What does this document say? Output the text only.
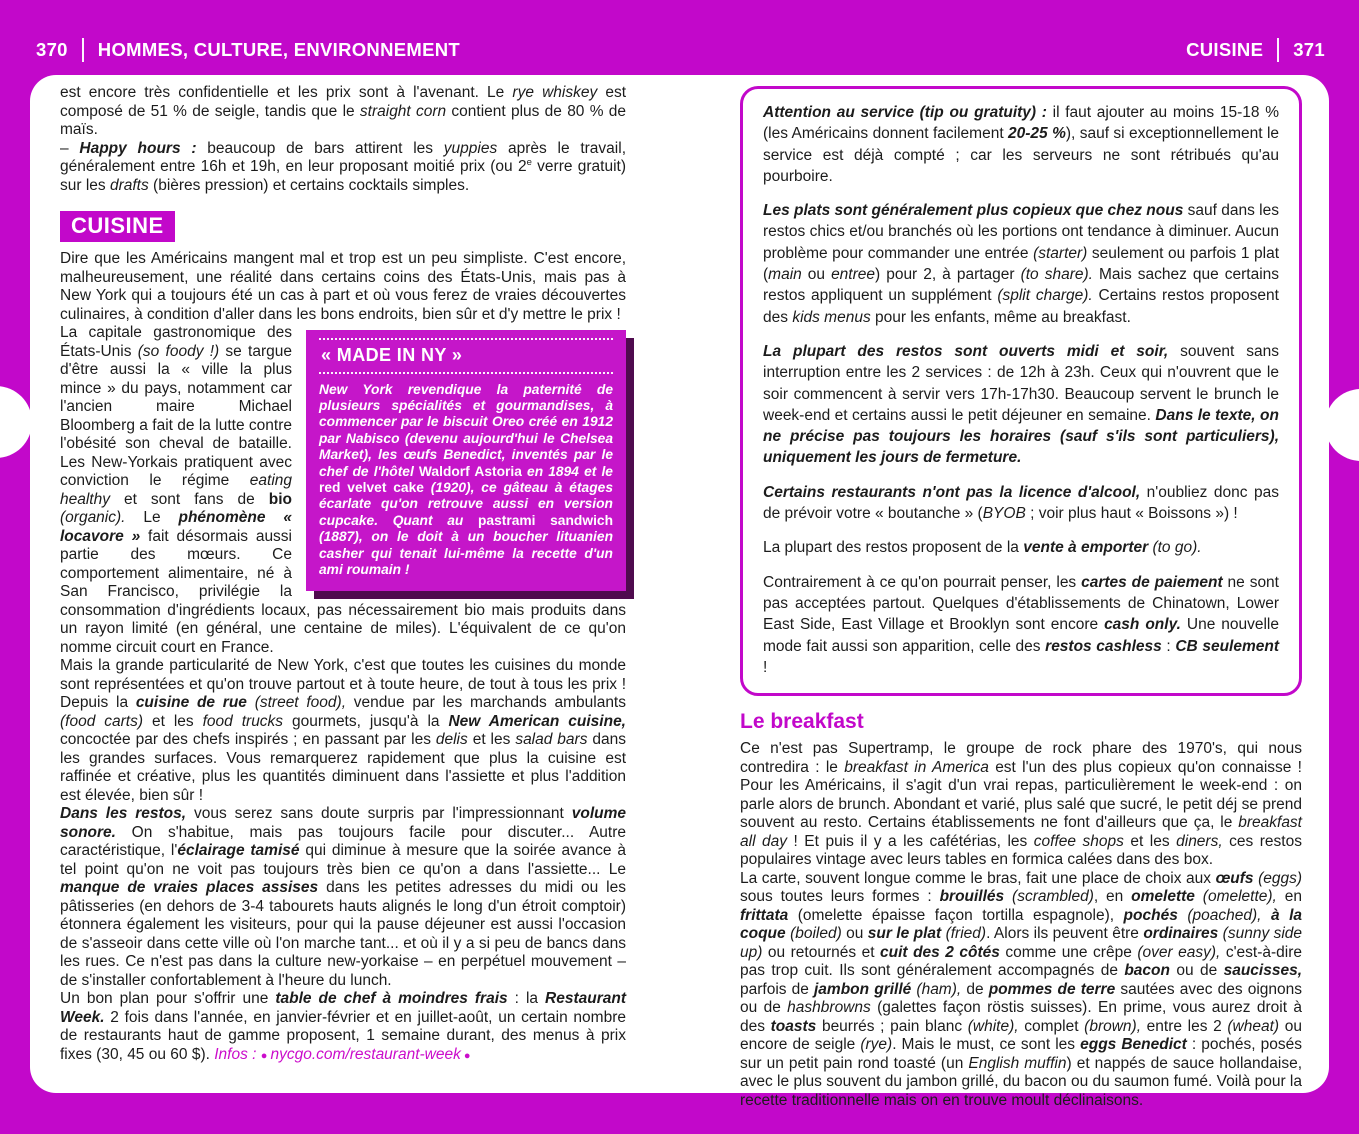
370 HOMMES, CULTURE, ENVIRONNEMENT	CUISINE 371

est encore très confidentielle et les prix sont à l'avenant. Le rye whiskey est composé de 51 % de seigle, tandis que le straight corn contient plus de 80 % de maïs.

– Happy hours : beaucoup de bars attirent les yuppies après le travail, généralement entre 16h et 19h, en leur proposant moitié prix (ou 2e verre gratuit) sur les drafts (bières pression) et certains cocktails simples.

CUISINE

Dire que les Américains mangent mal et trop est un peu simpliste. C'est encore, malheureusement, une réalité dans certains coins des États-Unis, mais pas à New York qui a toujours été un cas à part et où vous ferez de vraies découvertes culinaires, à condition d'aller dans les bons endroits, bien sûr et d'y mettre le prix !

« MADE IN NY »
New York revendique la paternité de plusieurs spécialités et gourmandises, à commencer par le biscuit Oreo créé en 1912 par Nabisco (devenu aujourd'hui le Chelsea Market), les œufs Benedict, inventés par le chef de l'hôtel Waldorf Astoria en 1894 et le red velvet cake (1920), ce gâteau à étages écarlate qu'on retrouve aussi en version cupcake. Quant au pastrami sandwich (1887), on le doit à un boucher lituanien casher qui tenait lui-même la recette d'un ami roumain !
La capitale gastronomique des États-Unis (so foody !) se targue d'être aussi la « ville la plus mince » du pays, notamment car l'ancien maire Michael Bloomberg a fait de la lutte contre l'obésité son cheval de bataille. Les New-Yorkais pratiquent avec conviction le régime eating healthy et sont fans de bio (organic). Le phénomène « locavore » fait désormais aussi partie des mœurs. Ce comportement alimentaire, né à San Francisco, privilégie la consommation d'ingrédients locaux, pas nécessairement bio mais produits dans un rayon limité (en général, une centaine de miles). L'équivalent de ce qu'on nomme circuit court en France.

Mais la grande particularité de New York, c'est que toutes les cuisines du monde sont représentées et qu'on trouve partout et à toute heure, de tout à tous les prix ! Depuis la cuisine de rue (street food), vendue par les marchands ambulants (food carts) et les food trucks gourmets, jusqu'à la New American cuisine, concoctée par des chefs inspirés ; en passant par les delis et les salad bars dans les grandes surfaces. Vous remarquerez rapidement que plus la cuisine est raffinée et créative, plus les quantités diminuent dans l'assiette et plus l'addition est élevée, bien sûr !

Dans les restos, vous serez sans doute surpris par l'impressionnant volume sonore. On s'habitue, mais pas toujours facile pour discuter... Autre caractéristique, l'éclairage tamisé qui diminue à mesure que la soirée avance à tel point qu'on ne voit pas toujours très bien ce qu'on a dans l'assiette... Le manque de vraies places assises dans les petites adresses du midi ou les pâtisseries (en dehors de 3-4 tabourets hauts alignés le long d'un étroit comptoir) étonnera également les visiteurs, pour qui la pause déjeuner est aussi l'occasion de s'asseoir dans cette ville où l'on marche tant... et où il y a si peu de bancs dans les rues. Ce n'est pas dans la culture new-yorkaise – en perpétuel mouvement – de s'installer confortablement à l'heure du lunch.

Un bon plan pour s'offrir une table de chef à moindres frais : la Restaurant Week. 2 fois dans l'année, en janvier-février et en juillet-août, un certain nombre de restaurants haut de gamme proposent, 1 semaine durant, des menus à prix fixes (30, 45 ou 60 $). Infos : ● nycgo.com/restaurant-week ●

Attention au service (tip ou gratuity) : il faut ajouter au moins 15-18 % (les Américains donnent facilement 20-25 %), sauf si exceptionnellement le service est déjà compté ; car les serveurs ne sont rétribués qu'au pourboire.

Les plats sont généralement plus copieux que chez nous sauf dans les restos chics et/ou branchés où les portions ont tendance à diminuer. Aucun problème pour commander une entrée (starter) seulement ou parfois 1 plat (main ou entree) pour 2, à partager (to share). Mais sachez que certains restos appliquent un supplément (split charge). Certains restos proposent des kids menus pour les enfants, même au breakfast.

La plupart des restos sont ouverts midi et soir, souvent sans interruption entre les 2 services : de 12h à 23h. Ceux qui n'ouvrent que le soir commencent à servir vers 17h-17h30. Beaucoup servent le brunch le week-end et certains aussi le petit déjeuner en semaine. Dans le texte, on ne précise pas toujours les horaires (sauf s'ils sont particuliers), uniquement les jours de fermeture.

Certains restaurants n'ont pas la licence d'alcool, n'oubliez donc pas de prévoir votre « boutanche » (BYOB ; voir plus haut « Boissons ») !

La plupart des restos proposent de la vente à emporter (to go).

Contrairement à ce qu'on pourrait penser, les cartes de paiement ne sont pas acceptées partout. Quelques d'établissements de Chinatown, Lower East Side, East Village et Brooklyn sont encore cash only. Une nouvelle mode fait aussi son apparition, celle des restos cashless : CB seulement !

Le breakfast

Ce n'est pas Supertramp, le groupe de rock phare des 1970's, qui nous contredira : le breakfast in America est l'un des plus copieux qu'on connaisse ! Pour les Américains, il s'agit d'un vrai repas, particulièrement le week-end : on parle alors de brunch. Abondant et varié, plus salé que sucré, le petit déj se prend souvent au resto. Certains établissements ne font d'ailleurs que ça, le breakfast all day ! Et puis il y a les cafétérias, les coffee shops et les diners, ces restos populaires vintage avec leurs tables en formica calées dans des box.

La carte, souvent longue comme le bras, fait une place de choix aux œufs (eggs) sous toutes leurs formes : brouillés (scrambled), en omelette (omelette), en frittata (omelette épaisse façon tortilla espagnole), pochés (poached), à la coque (boiled) ou sur le plat (fried). Alors ils peuvent être ordinaires (sunny side up) ou retournés et cuit des 2 côtés comme une crêpe (over easy), c'est-à-dire pas trop cuit. Ils sont généralement accompagnés de bacon ou de saucisses, parfois de jambon grillé (ham), de pommes de terre sautées avec des oignons ou de hashbrowns (galettes façon röstis suisses). En prime, vous aurez droit à des toasts beurrés ; pain blanc (white), complet (brown), entre les 2 (wheat) ou encore de seigle (rye). Mais le must, ce sont les eggs Benedict : pochés, posés sur un petit pain rond toasté (un English muffin) et nappés de sauce hollandaise, avec le plus souvent du jambon grillé, du bacon ou du saumon fumé. Voilà pour la recette traditionnelle mais on en trouve moult déclinaisons.
